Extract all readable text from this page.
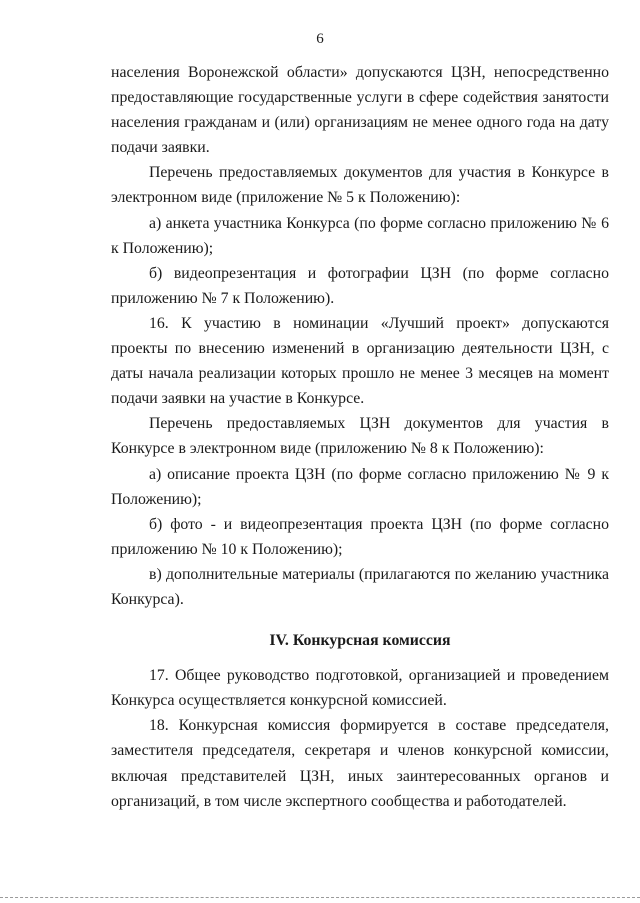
6

населения Воронежской области» допускаются ЦЗН, непосредственно предоставляющие государственные услуги в сфере содействия занятости населения гражданам и (или) организациям не менее одного года на дату подачи заявки.

Перечень предоставляемых документов для участия в Конкурсе в электронном виде (приложение № 5 к Положению):

а) анкета участника Конкурса (по форме согласно приложению № 6 к Положению);

б) видеопрезентация и фотографии ЦЗН (по форме согласно приложению № 7 к Положению).

16. К участию в номинации «Лучший проект» допускаются проекты по внесению изменений в организацию деятельности ЦЗН, с даты начала реализации которых прошло не менее 3 месяцев на момент подачи заявки на участие в Конкурсе.

Перечень предоставляемых ЦЗН документов для участия в Конкурсе в электронном виде (приложению № 8 к Положению):

а) описание проекта ЦЗН (по форме согласно приложению № 9 к Положению);

б) фото - и видеопрезентация проекта ЦЗН (по форме согласно приложению № 10 к Положению);

в) дополнительные материалы (прилагаются по желанию участника Конкурса).

IV. Конкурсная комиссия

17. Общее руководство подготовкой, организацией и проведением Конкурса осуществляется конкурсной комиссией.

18. Конкурсная комиссия формируется в составе председателя, заместителя председателя, секретаря и членов конкурсной комиссии, включая представителей ЦЗН, иных заинтересованных органов и организаций, в том числе экспертного сообщества и работодателей.
